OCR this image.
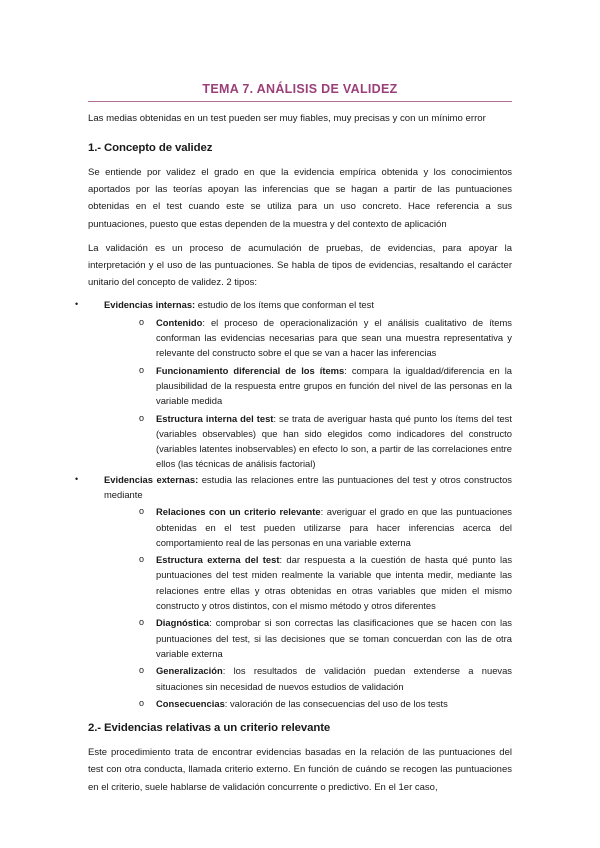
TEMA 7. ANÁLISIS DE VALIDEZ

Las medias obtenidas en un test pueden ser muy fiables, muy precisas y con un mínimo error

1.- Concepto de validez

Se entiende por validez el grado en que la evidencia empírica obtenida y los conocimientos aportados por las teorías apoyan las inferencias que se hagan a partir de las puntuaciones obtenidas en el test cuando este se utiliza para un uso concreto. Hace referencia a sus puntuaciones, puesto que estas dependen de la muestra y del contexto de aplicación

La validación es un proceso de acumulación de pruebas, de evidencias, para apoyar la interpretación y el uso de las puntuaciones. Se habla de tipos de evidencias, resaltando el carácter unitario del concepto de validez. 2 tipos:

•	Evidencias internas: estudio de los ítems que conforman el test
o Contenido: el proceso de operacionalización y el análisis cualitativo de ítems conforman las evidencias necesarias para que sean una muestra representativa y relevante del constructo sobre el que se van a hacer las inferencias
o Funcionamiento diferencial de los ítems: compara la igualdad/diferencia en la plausibilidad de la respuesta entre grupos en función del nivel de las personas en la variable medida
o Estructura interna del test: se trata de averiguar hasta qué punto los ítems del test (variables observables) que han sido elegidos como indicadores del constructo (variables latentes inobservables) en efecto lo son, a partir de las correlaciones entre ellos (las técnicas de análisis factorial)
•	Evidencias externas: estudia las relaciones entre las puntuaciones del test y otros constructos mediante
o Relaciones con un criterio relevante: averiguar el grado en que las puntuaciones obtenidas en el test pueden utilizarse para hacer inferencias acerca del comportamiento real de las personas en una variable externa
o Estructura externa del test: dar respuesta a la cuestión de hasta qué punto las puntuaciones del test miden realmente la variable que intenta medir, mediante las relaciones entre ellas y otras obtenidas en otras variables que miden el mismo constructo y otros distintos, con el mismo método y otros diferentes
o Diagnóstica: comprobar si son correctas las clasificaciones que se hacen con las puntuaciones del test, si las decisiones que se toman concuerdan con las de otra variable externa
o Generalización: los resultados de validación puedan extenderse a nuevas situaciones sin necesidad de nuevos estudios de validación
o Consecuencias: valoración de las consecuencias del uso de los tests
2.- Evidencias relativas a un criterio relevante

Este procedimiento trata de encontrar evidencias basadas en la relación de las puntuaciones del test con otra conducta, llamada criterio externo. En función de cuándo se recogen las puntuaciones en el criterio, suele hablarse de validación concurrente o predictivo. En el 1er caso,
